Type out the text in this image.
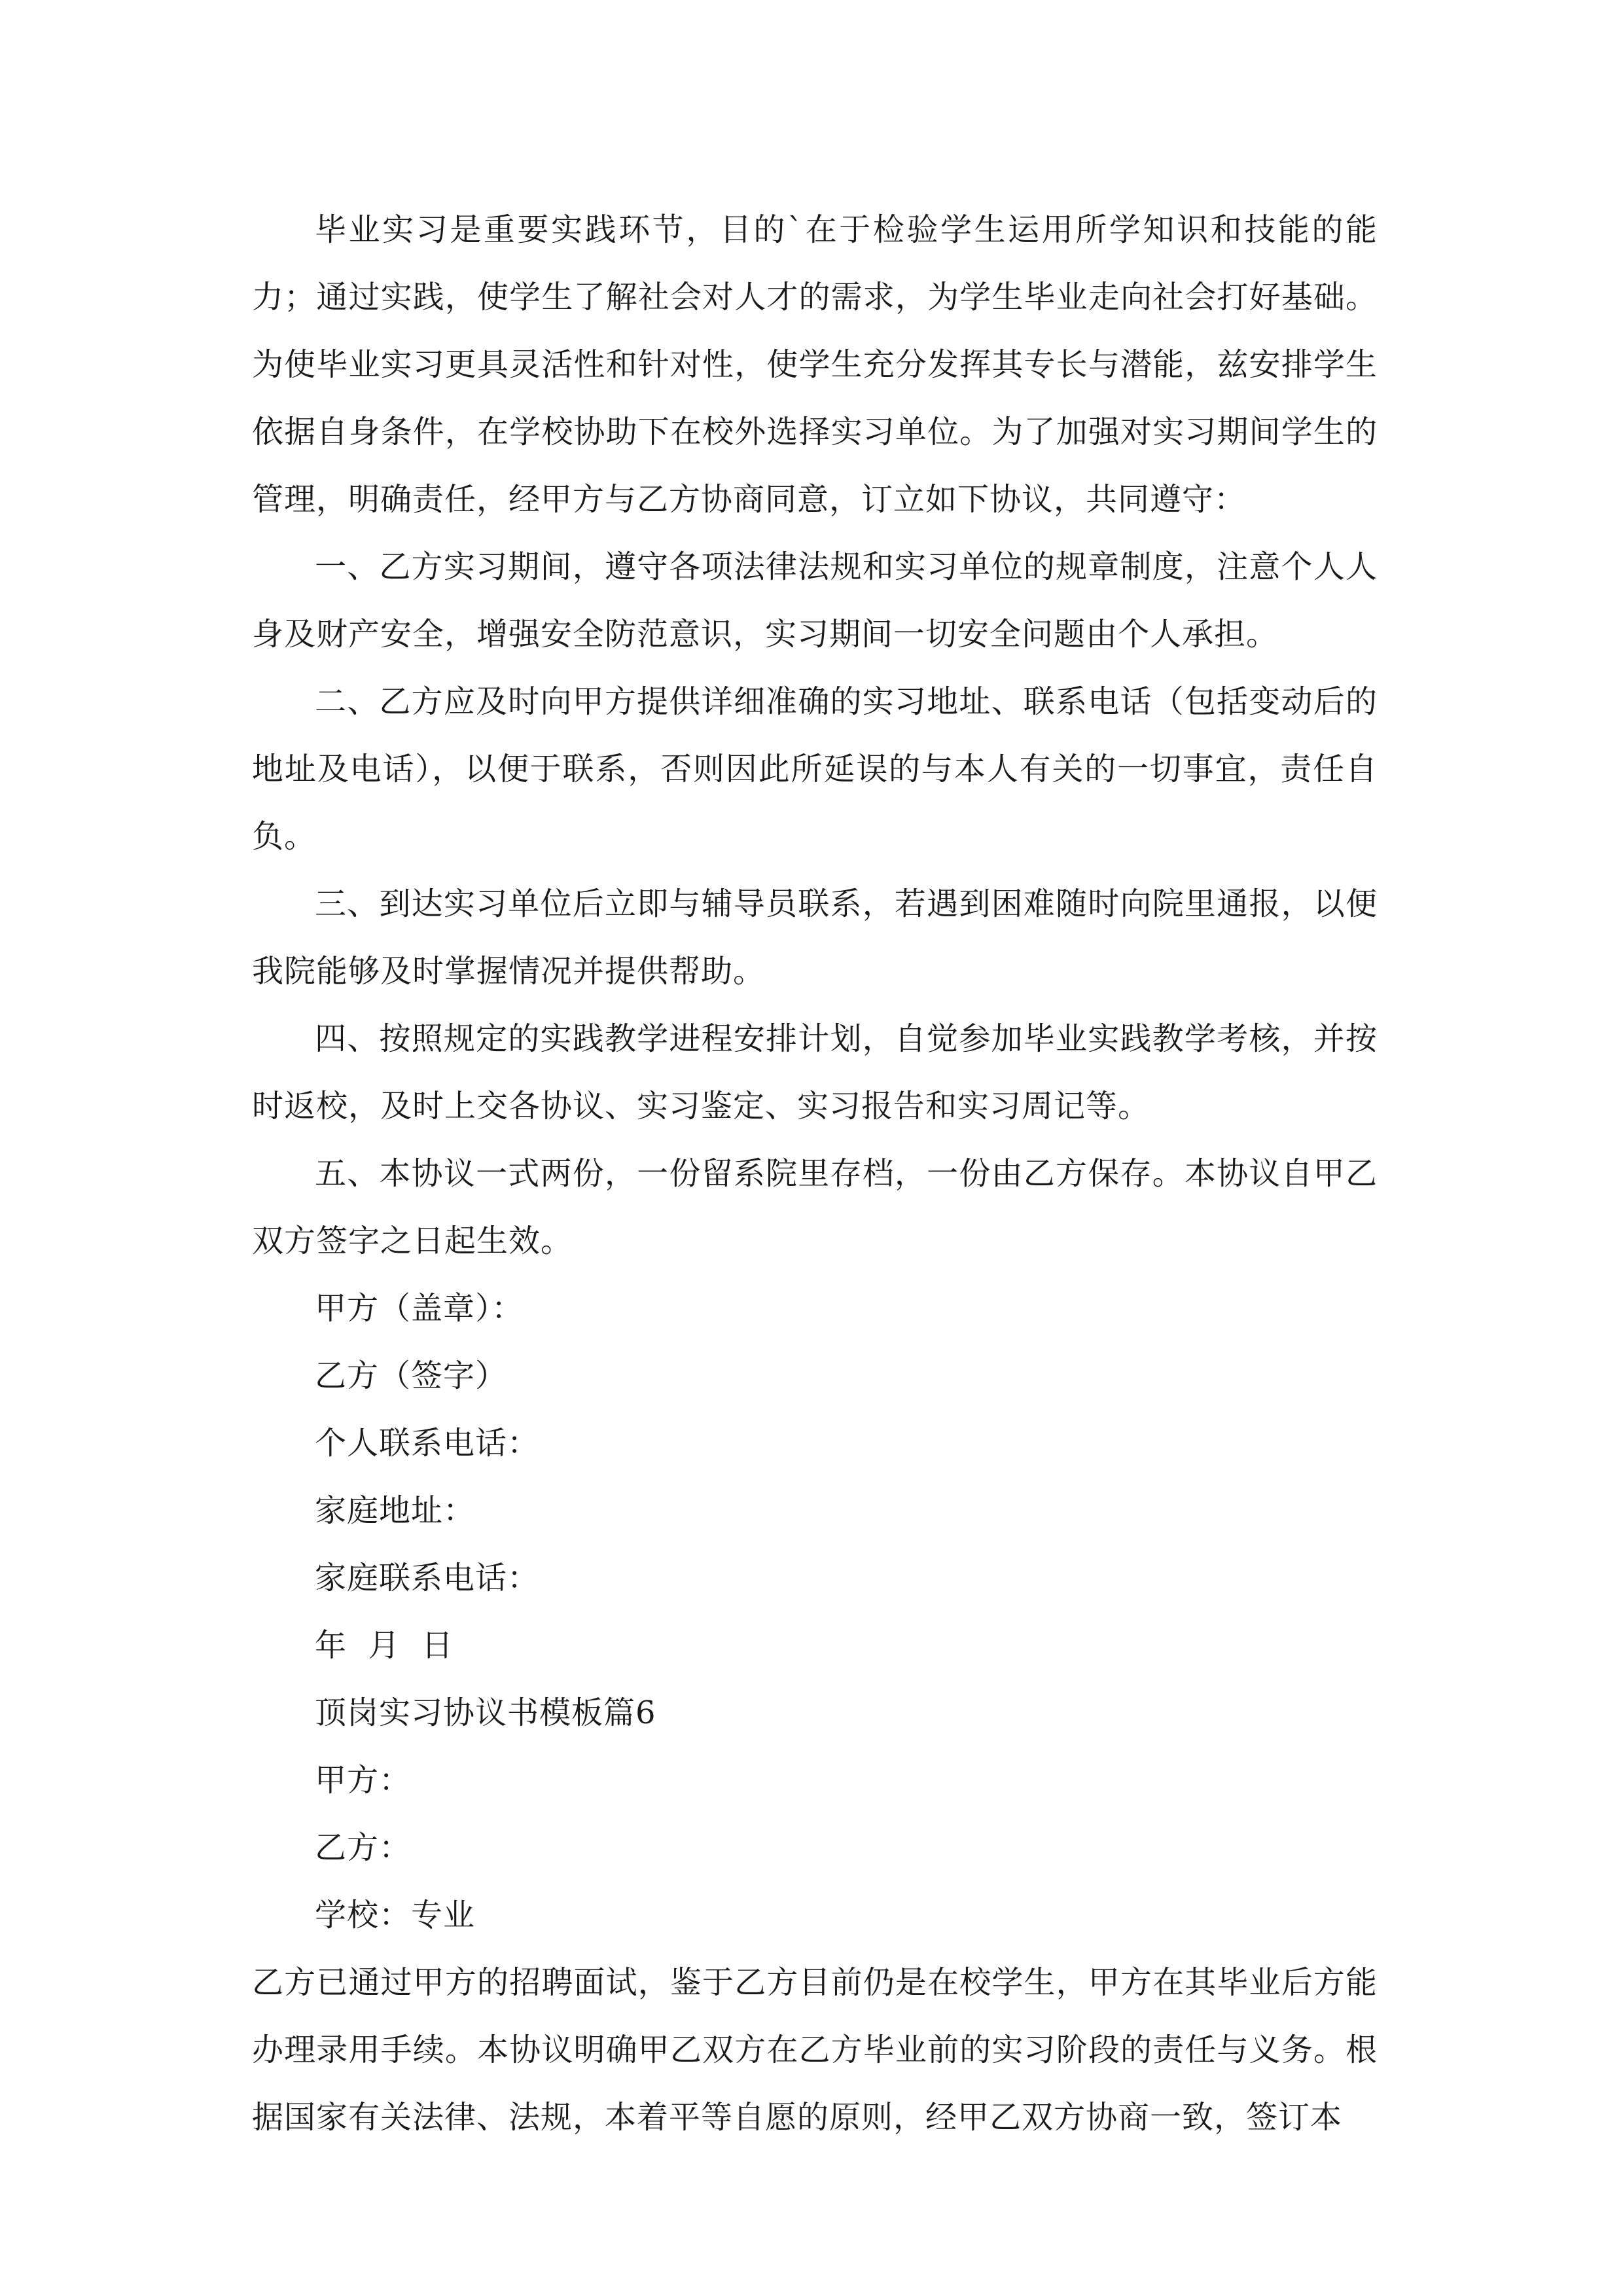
毕业实习是重要实践环节，目的`在于检验学生运用所学知识和技能的能力；通过实践，使学生了解社会对人才的需求，为学生毕业走向社会打好基础。为使毕业实习更具灵活性和针对性，使学生充分发挥其专长与潜能，兹安排学生依据自身条件，在学校协助下在校外选择实习单位。为了加强对实习期间学生的管理，明确责任，经甲方与乙方协商同意，订立如下协议，共同遵守：

一、乙方实习期间，遵守各项法律法规和实习单位的规章制度，注意个人人身及财产安全，增强安全防范意识，实习期间一切安全问题由个人承担。

二、乙方应及时向甲方提供详细准确的实习地址、联系电话（包括变动后的地址及电话），以便于联系，否则因此所延误的与本人有关的一切事宜，责任自负。

三、到达实习单位后立即与辅导员联系，若遇到困难随时向院里通报，以便我院能够及时掌握情况并提供帮助。

四、按照规定的实践教学进程安排计划，自觉参加毕业实践教学考核，并按时返校，及时上交各协议、实习鉴定、实习报告和实习周记等。

五、本协议一式两份，一份留系院里存档，一份由乙方保存。本协议自甲乙双方签字之日起生效。

甲方（盖章）：

乙方（签字）

个人联系电话：

家庭地址：

家庭联系电话：

年  月  日

顶岗实习协议书模板篇6

甲方：

乙方：

学校：专业

乙方已通过甲方的招聘面试，鉴于乙方目前仍是在校学生，甲方在其毕业后方能办理录用手续。本协议明确甲乙双方在乙方毕业前的实习阶段的责任与义务。根据国家有关法律、法规，本着平等自愿的原则，经甲乙双方协商一致，签订本
